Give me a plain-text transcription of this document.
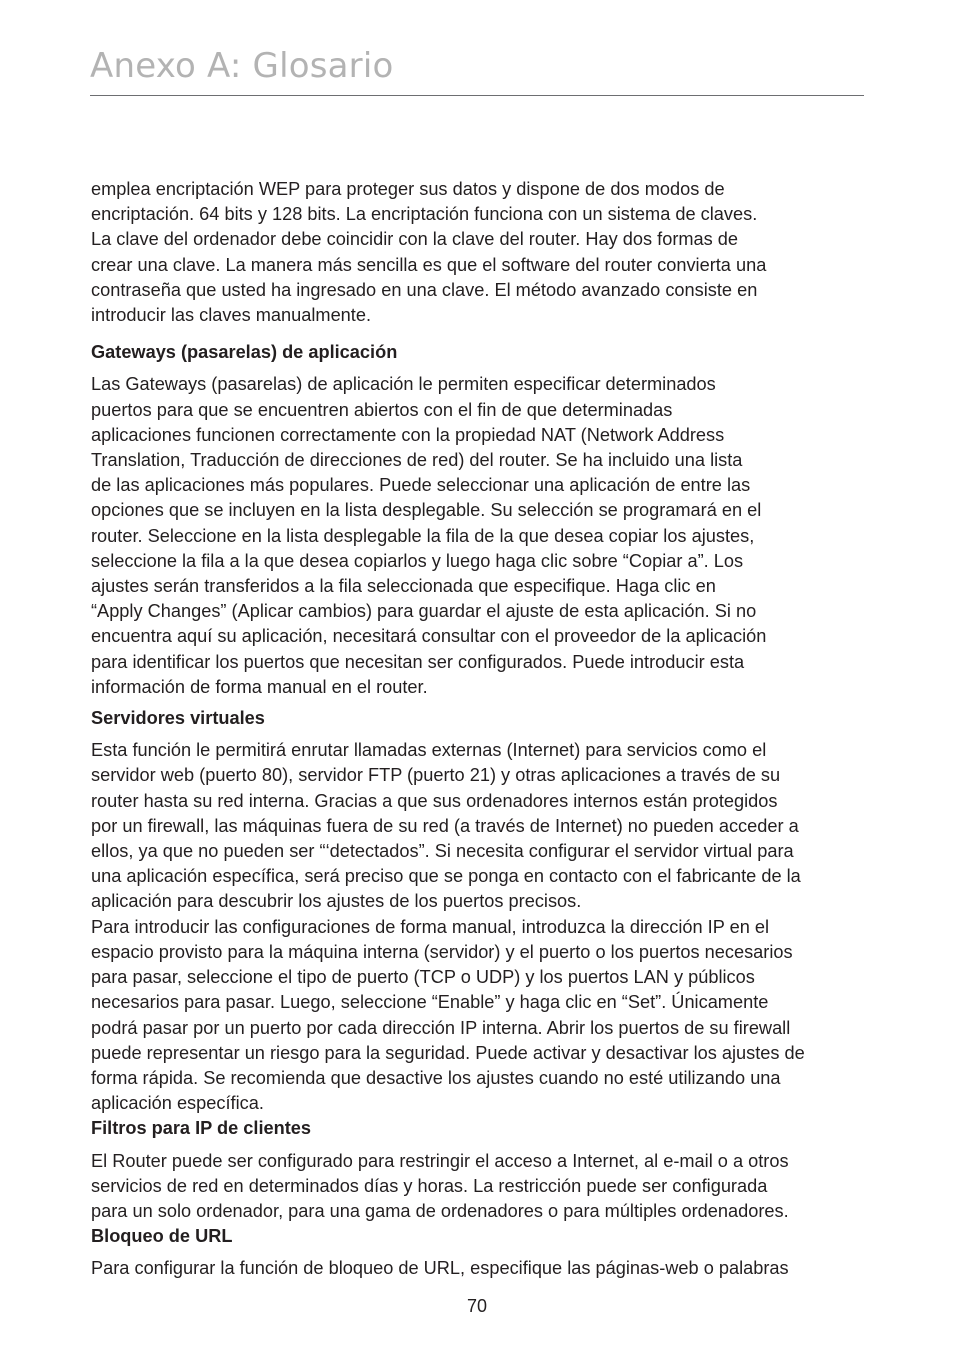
Anexo A: Glosario

emplea encriptación WEP para proteger sus datos y dispone de dos modos de
encriptación. 64 bits y 128 bits. La encriptación funciona con un sistema de claves.
La clave del ordenador debe coincidir con la clave del router. Hay dos formas de
crear una clave. La manera más sencilla es que el software del router convierta una
contraseña que usted ha ingresado en una clave. El método avanzado consiste en
introducir las claves manualmente.

Gateways (pasarelas) de aplicación

Las Gateways (pasarelas) de aplicación le permiten especificar determinados
puertos para que se encuentren abiertos con el fin de que determinadas
aplicaciones funcionen correctamente con la propiedad NAT (Network Address
Translation, Traducción de direcciones de red) del router. Se ha incluido una lista
de las aplicaciones más populares. Puede seleccionar una aplicación de entre las
opciones que se incluyen en la lista desplegable. Su selección se programará en el
router. Seleccione en la lista desplegable la fila de la que desea copiar los ajustes,
seleccione la fila a la que desea copiarlos y luego haga clic sobre “Copiar a”. Los
ajustes serán transferidos a la fila seleccionada que especifique. Haga clic en
“Apply Changes” (Aplicar cambios) para guardar el ajuste de esta aplicación. Si no
encuentra aquí su aplicación, necesitará consultar con el proveedor de la aplicación
para identificar los puertos que necesitan ser configurados. Puede introducir esta
información de forma manual en el router.

Servidores virtuales

Esta función le permitirá enrutar llamadas externas (Internet) para servicios como el
servidor web (puerto 80), servidor FTP (puerto 21) y otras aplicaciones a través de su
router hasta su red interna. Gracias a que sus ordenadores internos están protegidos
por un firewall, las máquinas fuera de su red (a través de Internet) no pueden acceder a
ellos, ya que no pueden ser “‘detectados”. Si necesita configurar el servidor virtual para
una aplicación específica, será preciso que se ponga en contacto con el fabricante de la
aplicación para descubrir los ajustes de los puertos precisos.

Para introducir las configuraciones de forma manual, introduzca la dirección IP en el
espacio provisto para la máquina interna (servidor) y el puerto o los puertos necesarios
para pasar, seleccione el tipo de puerto (TCP o UDP) y los puertos LAN y públicos
necesarios para pasar. Luego, seleccione “Enable” y haga clic en “Set”. Únicamente
podrá pasar por un puerto por cada dirección IP interna. Abrir los puertos de su firewall
puede representar un riesgo para la seguridad. Puede activar y desactivar los ajustes de
forma rápida. Se recomienda que desactive los ajustes cuando no esté utilizando una
aplicación específica.

Filtros para IP de clientes

El Router puede ser configurado para restringir el acceso a Internet, al e-mail o a otros
servicios de red en determinados días y horas. La restricción puede ser configurada
para un solo ordenador, para una gama de ordenadores o para múltiples ordenadores.

Bloqueo de URL

Para configurar la función de bloqueo de URL, especifique las páginas-web o palabras

70
